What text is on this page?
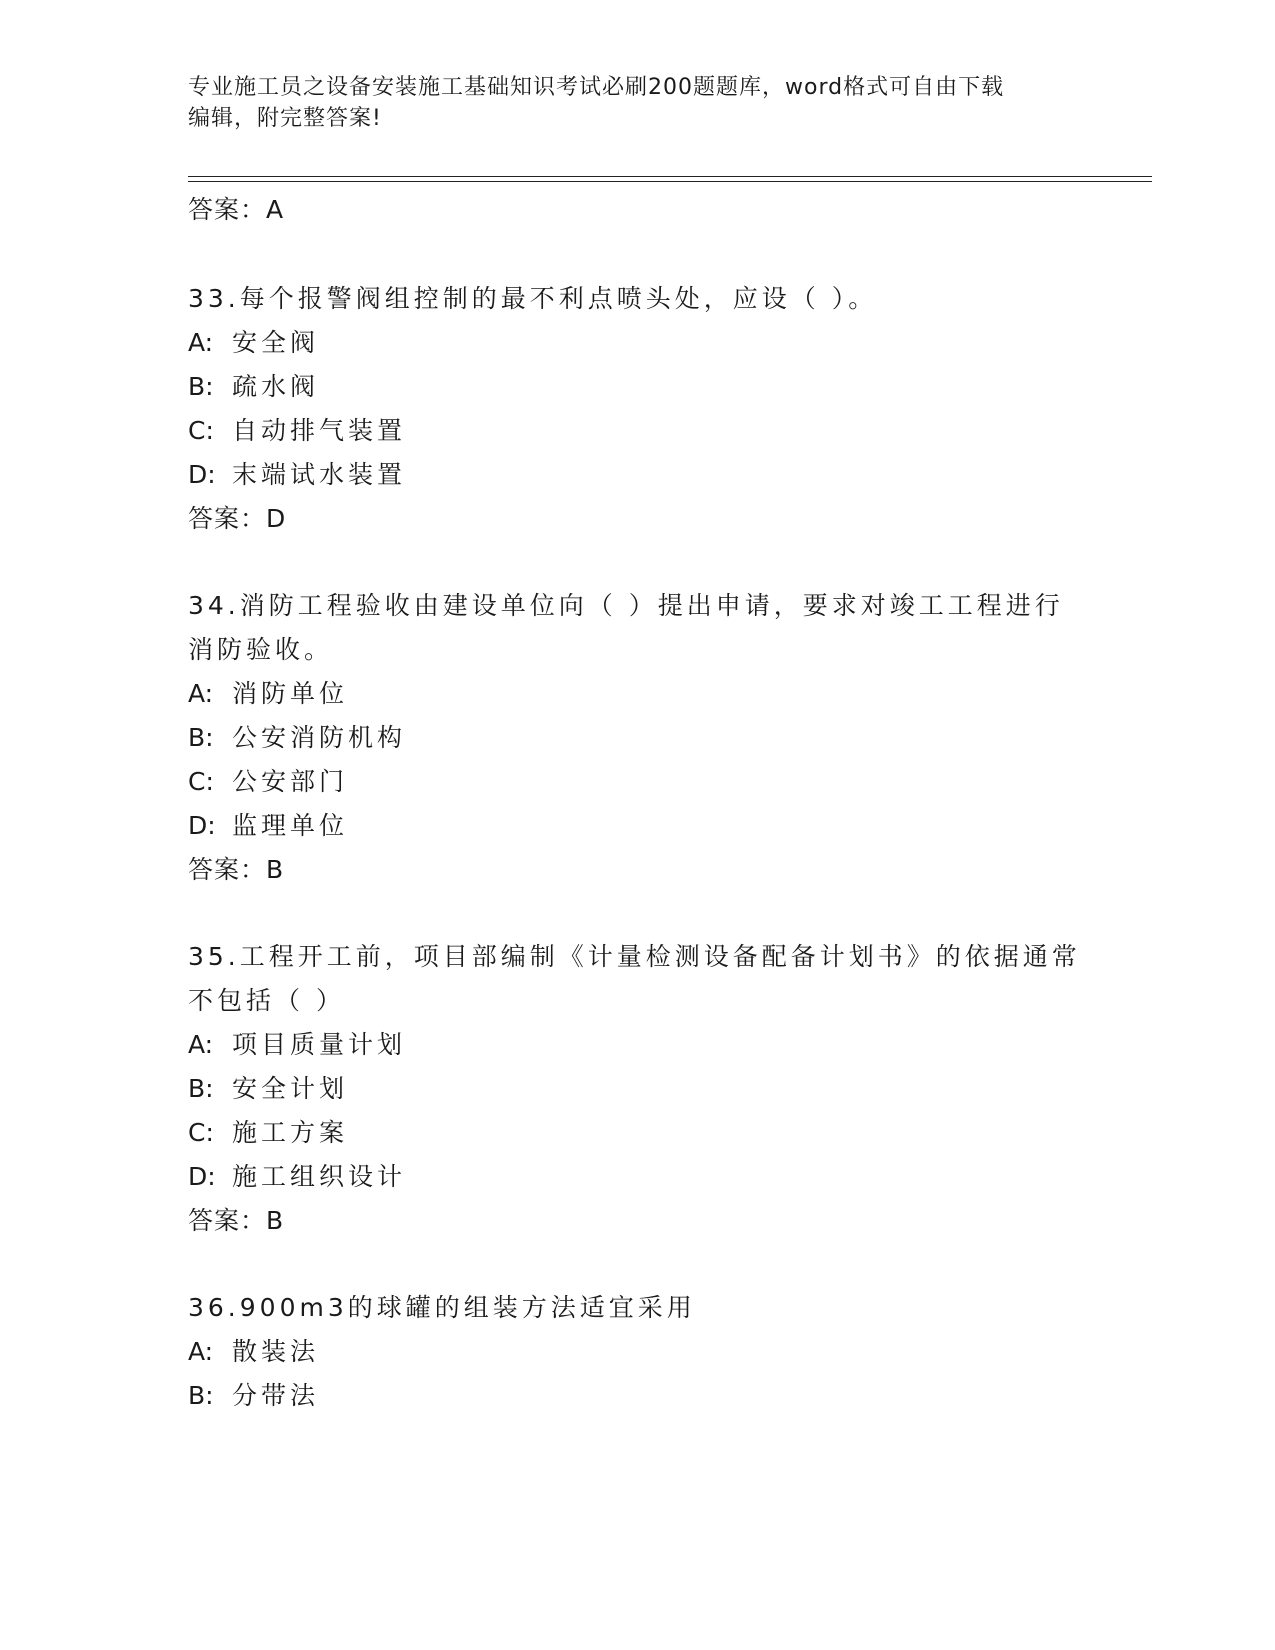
专业施工员之设备安装施工基础知识考试必刷200题题库，word格式可自由下载
编辑，附完整答案!
答案：A
33.每个报警阀组控制的最不利点喷头处，应设（ ）。
A: 安全阀
B: 疏水阀
C: 自动排气装置
D: 末端试水装置
答案：D
34.消防工程验收由建设单位向（ ）提出申请，要求对竣工工程进行
消防验收。
A: 消防单位
B: 公安消防机构
C: 公安部门
D: 监理单位
答案：B
35.工程开工前，项目部编制《计量检测设备配备计划书》的依据通常
不包括（ ）
A: 项目质量计划
B: 安全计划
C: 施工方案
D: 施工组织设计
答案：B
36.900m3的球罐的组装方法适宜采用
A: 散装法
B: 分带法
